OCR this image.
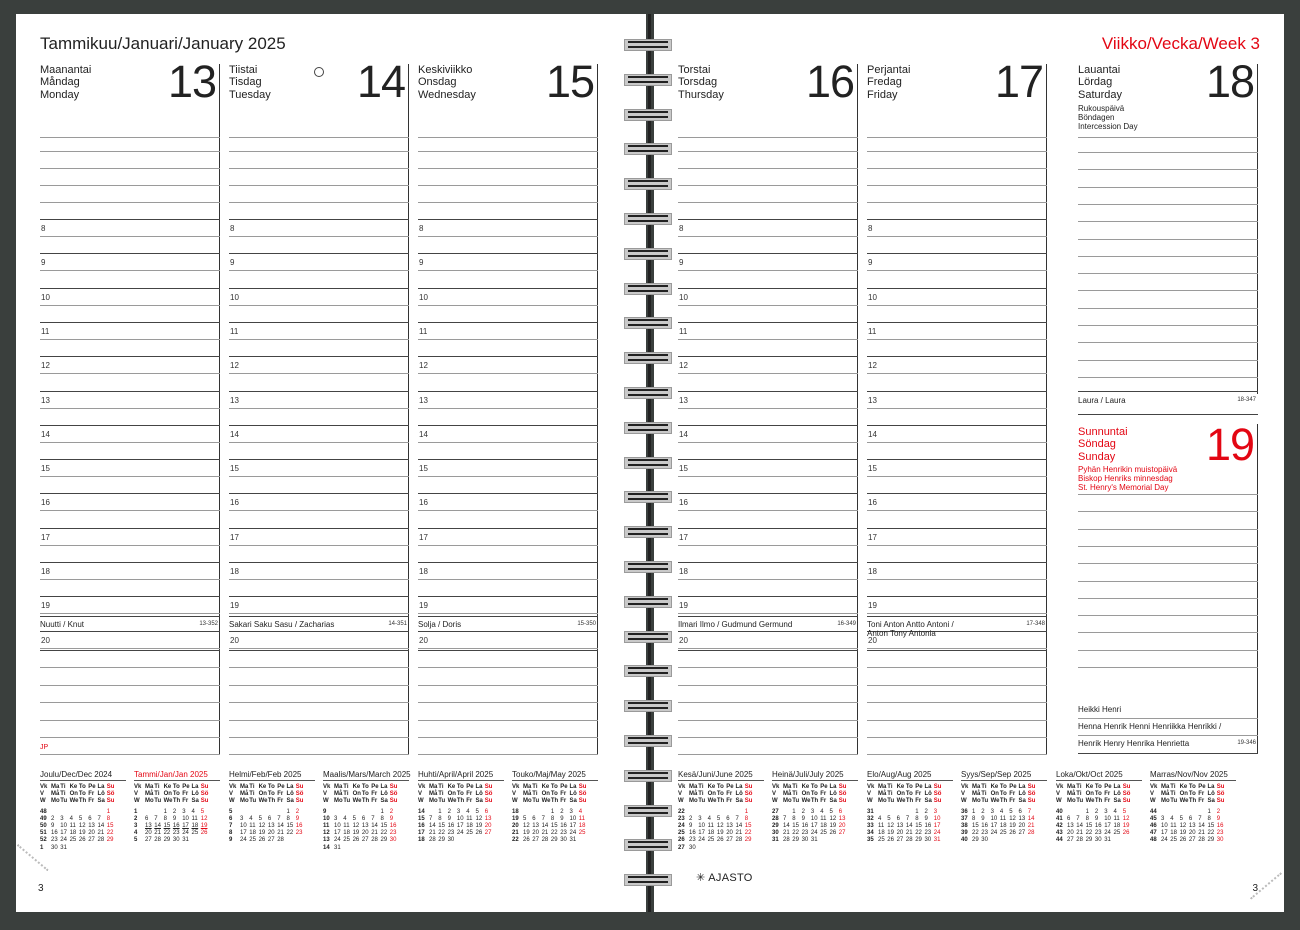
Tammikuu/Januari/January 2025
3
Maanantai
Måndag
Monday 13
8
9
10
11
12
13
14
15
16
17
18
19
20
Nuutti / Knut	13-352
JP
Tiistai
Tisdag
Tuesday 14
8
9
10
11
12
13
14
15
16
17
18
19
20
Sakari Saku Sasu / Zacharias	14-351
Keskiviikko
Onsdag
Wednesday 15
8
9
10
11
12
13
14
15
16
17
18
19
20
Solja / Doris	15-350
Joulu/Dec/Dec 2024
Vk	Ma	Ti	Ke	To	Pe	La	Su
V	Må	Ti	On	To	Fr	Lö	Sö
W	Mo	Tu	We	Th	Fr	Sa	Su

48							1
49	2	3	4	5	6	7	8
50	9	10	11	12	13	14	15
51	16	17	18	19	20	21	22
52	23	24	25	26	27	28	29
1	30	31					
Tammi/Jan/Jan 2025
Vk	Ma	Ti	Ke	To	Pe	La	Su
V	Må	Ti	On	To	Fr	Lö	Sö
W	Mo	Tu	We	Th	Fr	Sa	Su

1			1	2	3	4	5
2	6	7	8	9	10	11	12
3	13	14	15	16	17	18	19
4	20	21	22	23	24	25	26
5	27	28	29	30	31		
Helmi/Feb/Feb 2025
Vk	Ma	Ti	Ke	To	Pe	La	Su
V	Må	Ti	On	To	Fr	Lö	Sö
W	Mo	Tu	We	Th	Fr	Sa	Su

5						1	2
6	3	4	5	6	7	8	9
7	10	11	12	13	14	15	16
8	17	18	19	20	21	22	23
9	24	25	26	27	28		
Maalis/Mars/March 2025
Vk	Ma	Ti	Ke	To	Pe	La	Su
V	Må	Ti	On	To	Fr	Lö	Sö
W	Mo	Tu	We	Th	Fr	Sa	Su

9						1	2
10	3	4	5	6	7	8	9
11	10	11	12	13	14	15	16
12	17	18	19	20	21	22	23
13	24	25	26	27	28	29	30
14	31						
Huhti/April/April 2025
Vk	Ma	Ti	Ke	To	Pe	La	Su
V	Må	Ti	On	To	Fr	Lö	Sö
W	Mo	Tu	We	Th	Fr	Sa	Su

14		1	2	3	4	5	6
15	7	8	9	10	11	12	13
16	14	15	16	17	18	19	20
17	21	22	23	24	25	26	27
18	28	29	30				
Touko/Maj/May 2025
Vk	Ma	Ti	Ke	To	Pe	La	Su
V	Må	Ti	On	To	Fr	Lö	Sö
W	Mo	Tu	We	Th	Fr	Sa	Su

18				1	2	3	4
19	5	6	7	8	9	10	11
20	12	13	14	15	16	17	18
21	19	20	21	22	23	24	25
22	26	27	28	29	30	31	
Viikko/Vecka/Week 3
✳ AJASTO
3
Torstai
Torsdag
Thursday 16
8
9
10
11
12
13
14
15
16
17
18
19
20
Ilmari Ilmo / Gudmund Germund	16-349
Perjantai
Fredag
Friday 17
8
9
10
11
12
13
14
15
16
17
18
19
20
Toni Anton Antto Antoni /
Anton Tony Antonia
17-348
Lauantai
Lördag
Saturday 18
Rukouspäivä
Böndagen
Intercession Day
Laura / Laura	18-347
Sunnuntai
Söndag
Sunday 19
Pyhän Henrikin muistopäivä
Biskop Henriks minnesdag
St. Henry's Memorial Day
Heikki Henri
Henna Henrik Henni Henriikka Henrikki /
Henrik Henry Henrika Henrietta	19-346
Kesä/Juni/June 2025
Vk	Ma	Ti	Ke	To	Pe	La	Su
V	Må	Ti	On	To	Fr	Lö	Sö
W	Mo	Tu	We	Th	Fr	Sa	Su

22							1
23	2	3	4	5	6	7	8
24	9	10	11	12	13	14	15
25	16	17	18	19	20	21	22
26	23	24	25	26	27	28	29
27	30						
Heinä/Juli/July 2025
Vk	Ma	Ti	Ke	To	Pe	La	Su
V	Må	Ti	On	To	Fr	Lö	Sö
W	Mo	Tu	We	Th	Fr	Sa	Su

27		1	2	3	4	5	6
28	7	8	9	10	11	12	13
29	14	15	16	17	18	19	20
30	21	22	23	24	25	26	27
31	28	29	30	31			
Elo/Aug/Aug 2025
Vk	Ma	Ti	Ke	To	Pe	La	Su
V	Må	Ti	On	To	Fr	Lö	Sö
W	Mo	Tu	We	Th	Fr	Sa	Su

31					1	2	3
32	4	5	6	7	8	9	10
33	11	12	13	14	15	16	17
34	18	19	20	21	22	23	24
35	25	26	27	28	29	30	31
Syys/Sep/Sep 2025
Vk	Ma	Ti	Ke	To	Pe	La	Su
V	Må	Ti	On	To	Fr	Lö	Sö
W	Mo	Tu	We	Th	Fr	Sa	Su

36	1	2	3	4	5	6	7
37	8	9	10	11	12	13	14
38	15	16	17	18	19	20	21
39	22	23	24	25	26	27	28
40	29	30					
Loka/Okt/Oct 2025
Vk	Ma	Ti	Ke	To	Pe	La	Su
V	Må	Ti	On	To	Fr	Lö	Sö
W	Mo	Tu	We	Th	Fr	Sa	Su

40			1	2	3	4	5
41	6	7	8	9	10	11	12
42	13	14	15	16	17	18	19
43	20	21	22	23	24	25	26
44	27	28	29	30	31		
Marras/Nov/Nov 2025
Vk	Ma	Ti	Ke	To	Pe	La	Su
V	Må	Ti	On	To	Fr	Lö	Sö
W	Mo	Tu	We	Th	Fr	Sa	Su

44						1	2
45	3	4	5	6	7	8	9
46	10	11	12	13	14	15	16
47	17	18	19	20	21	22	23
48	24	25	26	27	28	29	30
